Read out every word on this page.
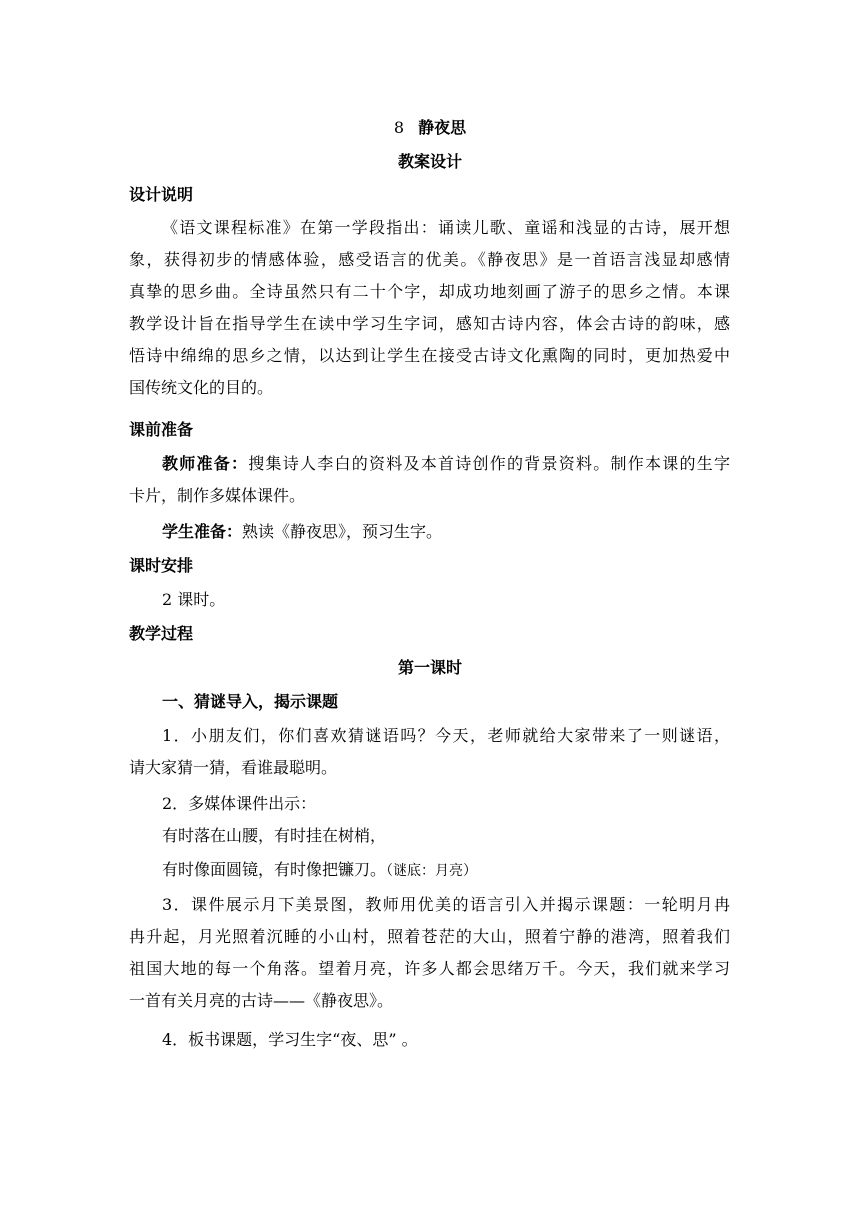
8 静夜思
教案设计
设计说明
《语文课程标准》在第一学段指出：诵读儿歌、童谣和浅显的古诗，展开想
象，获得初步的情感体验，感受语言的优美。《静夜思》是一首语言浅显却感情
真挚的思乡曲。全诗虽然只有二十个字，却成功地刻画了游子的思乡之情。本课
教学设计旨在指导学生在读中学习生字词，感知古诗内容，体会古诗的韵味，感
悟诗中绵绵的思乡之情，以达到让学生在接受古诗文化熏陶的同时，更加热爱中
国传统文化的目的。
课前准备
教师准备：搜集诗人李白的资料及本首诗创作的背景资料。制作本课的生字
卡片，制作多媒体课件。
学生准备：熟读《静夜思》，预习生字。
课时安排
2 课时。
教学过程
第一课时
一、猜谜导入，揭示课题
1．小朋友们，你们喜欢猜谜语吗？今天，老师就给大家带来了一则谜语，
请大家猜一猜，看谁最聪明。
2．多媒体课件出示：
有时落在山腰，有时挂在树梢，
有时像面圆镜，有时像把镰刀。（谜底：月亮）
3．课件展示月下美景图，教师用优美的语言引入并揭示课题：一轮明月冉
冉升起，月光照着沉睡的小山村，照着苍茫的大山，照着宁静的港湾，照着我们
祖国大地的每一个角落。望着月亮，许多人都会思绪万千。今天，我们就来学习
一首有关月亮的古诗——《静夜思》。
4．板书课题，学习生字“夜、思” 。
